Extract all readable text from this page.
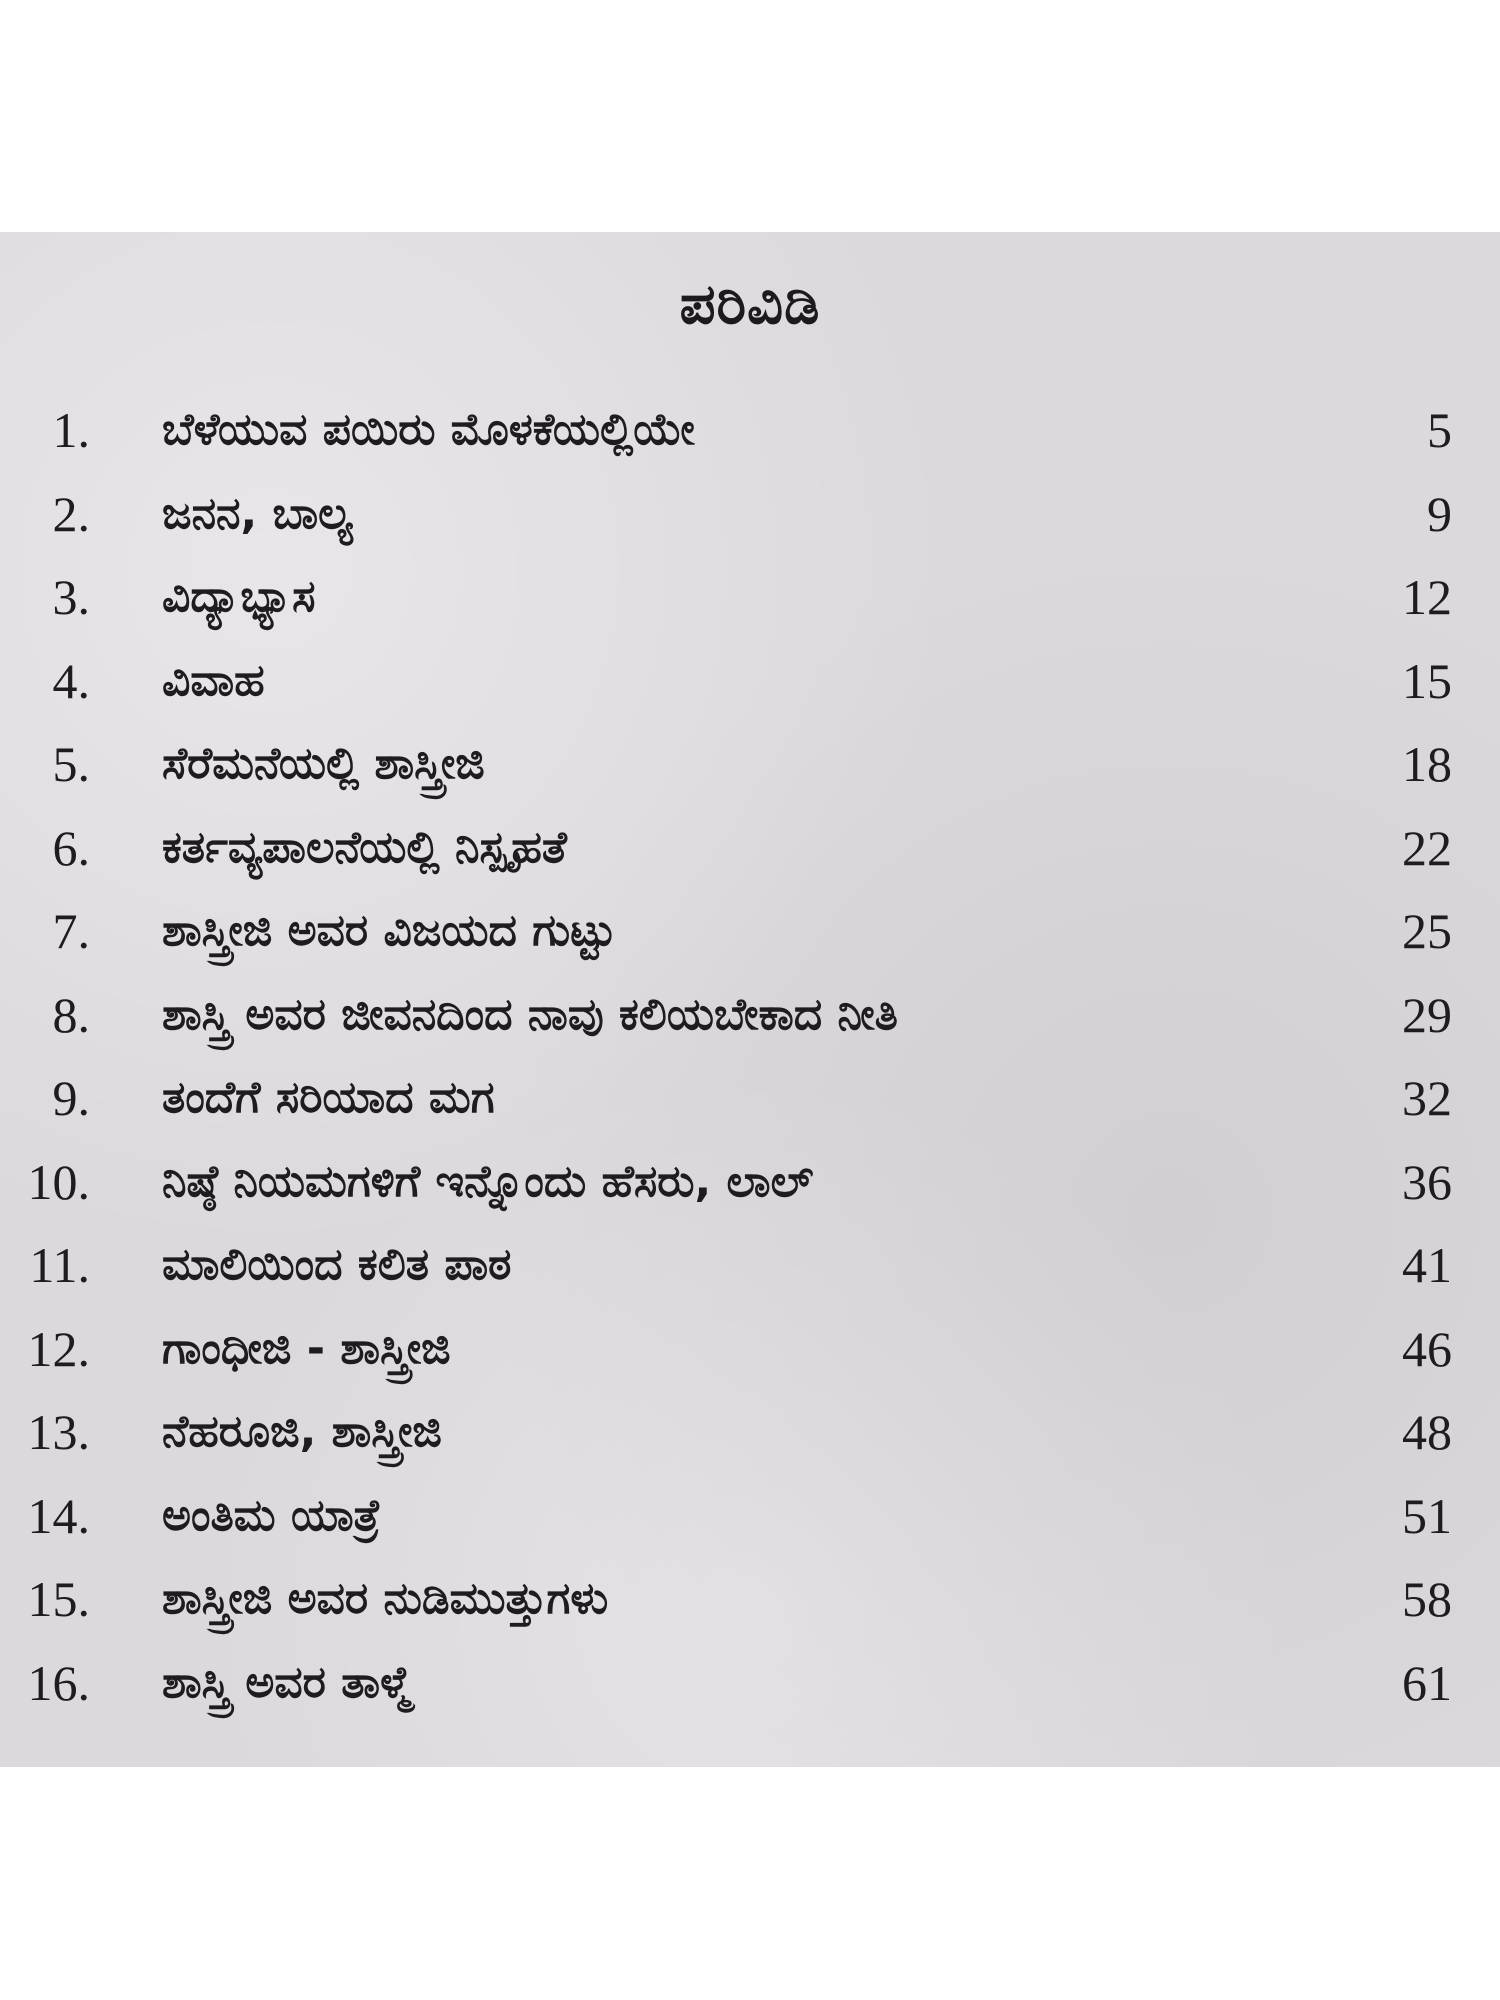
ಪರಿವಿಡಿ
1. ಬೆಳೆಯುವ ಪಯಿರು ಮೊಳಕೆಯಲ್ಲಿಯೇ	5
2. ಜನನ, ಬಾಲ್ಯ	9
3. ವಿದ್ಯಾಭ್ಯಾಸ	12
4. ವಿವಾಹ	15
5. ಸೆರೆಮನೆಯಲ್ಲಿ ಶಾಸ್ತ್ರೀಜಿ	18
6. ಕರ್ತವ್ಯಪಾಲನೆಯಲ್ಲಿ ನಿಸ್ಪೃಹತೆ	22
7. ಶಾಸ್ತ್ರೀಜಿ ಅವರ ವಿಜಯದ ಗುಟ್ಟು	25
8. ಶಾಸ್ತ್ರಿ ಅವರ ಜೀವನದಿಂದ ನಾವು ಕಲಿಯಬೇಕಾದ ನೀತಿ	29
9. ತಂದೆಗೆ ಸರಿಯಾದ ಮಗ	32
10. ನಿಷ್ಠೆ ನಿಯಮಗಳಿಗೆ ಇನ್ನೊಂದು ಹೆಸರು, ಲಾಲ್	36
11. ಮಾಲಿಯಿಂದ ಕಲಿತ ಪಾಠ	41
12. ಗಾಂಧೀಜಿ - ಶಾಸ್ತ್ರೀಜಿ	46
13. ನೆಹರೂಜಿ, ಶಾಸ್ತ್ರೀಜಿ	48
14. ಅಂತಿಮ ಯಾತ್ರೆ	51
15. ಶಾಸ್ತ್ರೀಜಿ ಅವರ ನುಡಿಮುತ್ತುಗಳು	58
16. ಶಾಸ್ತ್ರಿ ಅವರ ತಾಳ್ಮೆ	61
